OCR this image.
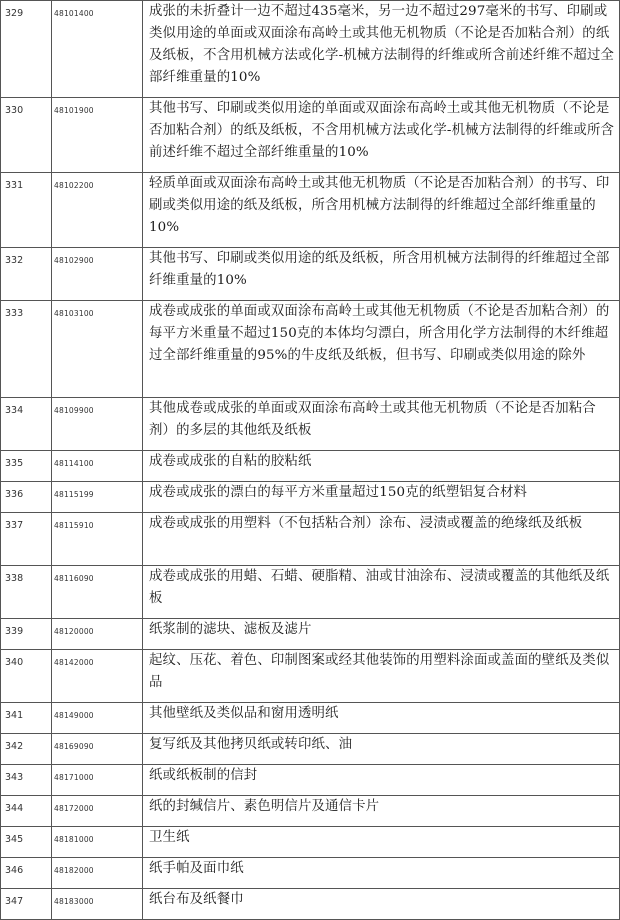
329	48101400	成张的未折叠计一边不超过435毫米，另一边不超过297毫米的书写、印刷或类似用途的单面或双面涂布高岭土或其他无机物质（不论是否加粘合剂）的纸及纸板，不含用机械方法或化学-机械方法制得的纤维或所含前述纤维不超过全部纤维重量的10%
330	48101900	其他书写、印刷或类似用途的单面或双面涂布高岭土或其他无机物质（不论是否加粘合剂）的纸及纸板，不含用机械方法或化学-机械方法制得的纤维或所含前述纤维不超过全部纤维重量的10%
331	48102200	轻质单面或双面涂布高岭土或其他无机物质（不论是否加粘合剂）的书写、印刷或类似用途的纸及纸板，所含用机械方法制得的纤维超过全部纤维重量的10%
332	48102900	其他书写、印刷或类似用途的纸及纸板，所含用机械方法制得的纤维超过全部纤维重量的10%
333	48103100	成卷或成张的单面或双面涂布高岭土或其他无机物质（不论是否加粘合剂）的每平方米重量不超过150克的本体均匀漂白，所含用化学方法制得的木纤维超过全部纤维重量的95%的牛皮纸及纸板，但书写、印刷或类似用途的除外
334	48109900	其他成卷或成张的单面或双面涂布高岭土或其他无机物质（不论是否加粘合剂）的多层的其他纸及纸板
335	48114100	成卷或成张的自粘的胶粘纸
336	48115199	成卷或成张的漂白的每平方米重量超过150克的纸塑铝复合材料
337	48115910	成卷或成张的用塑料（不包括粘合剂）涂布、浸渍或覆盖的绝缘纸及纸板
338	48116090	成卷或成张的用蜡、石蜡、硬脂精、油或甘油涂布、浸渍或覆盖的其他纸及纸板
339	48120000	纸浆制的滤块、滤板及滤片
340	48142000	起纹、压花、着色、印制图案或经其他装饰的用塑料涂面或盖面的壁纸及类似品
341	48149000	其他壁纸及类似品和窗用透明纸
342	48169090	复写纸及其他拷贝纸或转印纸、油
343	48171000	纸或纸板制的信封
344	48172000	纸的封缄信片、素色明信片及通信卡片
345	48181000	卫生纸
346	48182000	纸手帕及面巾纸
347	48183000	纸台布及纸餐巾
